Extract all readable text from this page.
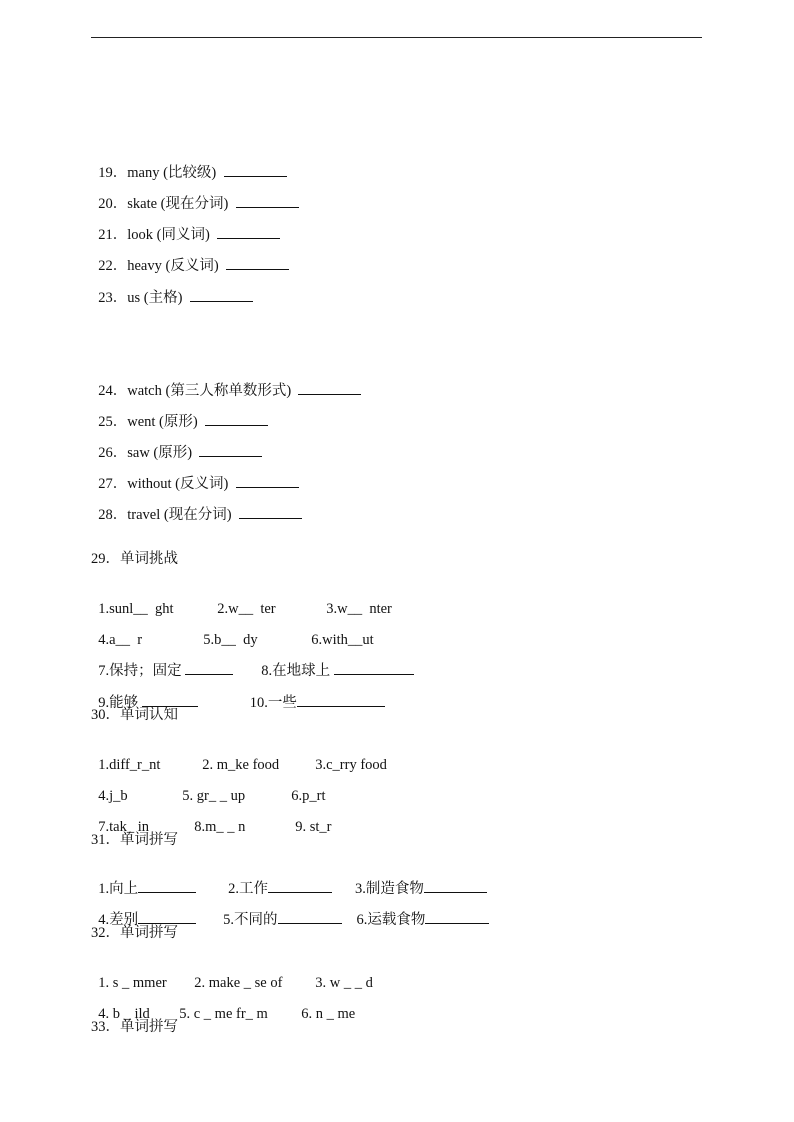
19．many (比较级)

20．skate (现在分词)

21．look (同义词)

22．heavy (反义词)

23．us (主格)

24．watch (第三人称单数形式)

25．went (原形)

26．saw (原形)

27．without (反义词)

28．travel (现在分词)

29．单词挑战

1.sunl__  ght	2.w__  ter	3.w__  nter

4.a__  r	5.b__  dy	6.with__ut

7.保持；固定	8.在地球上

9.能够	10.一些

30．单词认知

1.diff_r_nt	2. m_ke food 3.c_rry food

4.j_b	5. gr_ _ up	6.p_rt

7.tak_ in	8.m_ _ n	9. st_r

31．单词拼写

1.向上	2.工作	3.制造食物

4.差别	5.不同的	6.运载食物

32．单词拼写

1. s _ mmer 2. make _ se of 3. w _ _ d

4. b _ ild 5. c _ me fr_ m 6. n _ me

33．单词拼写
